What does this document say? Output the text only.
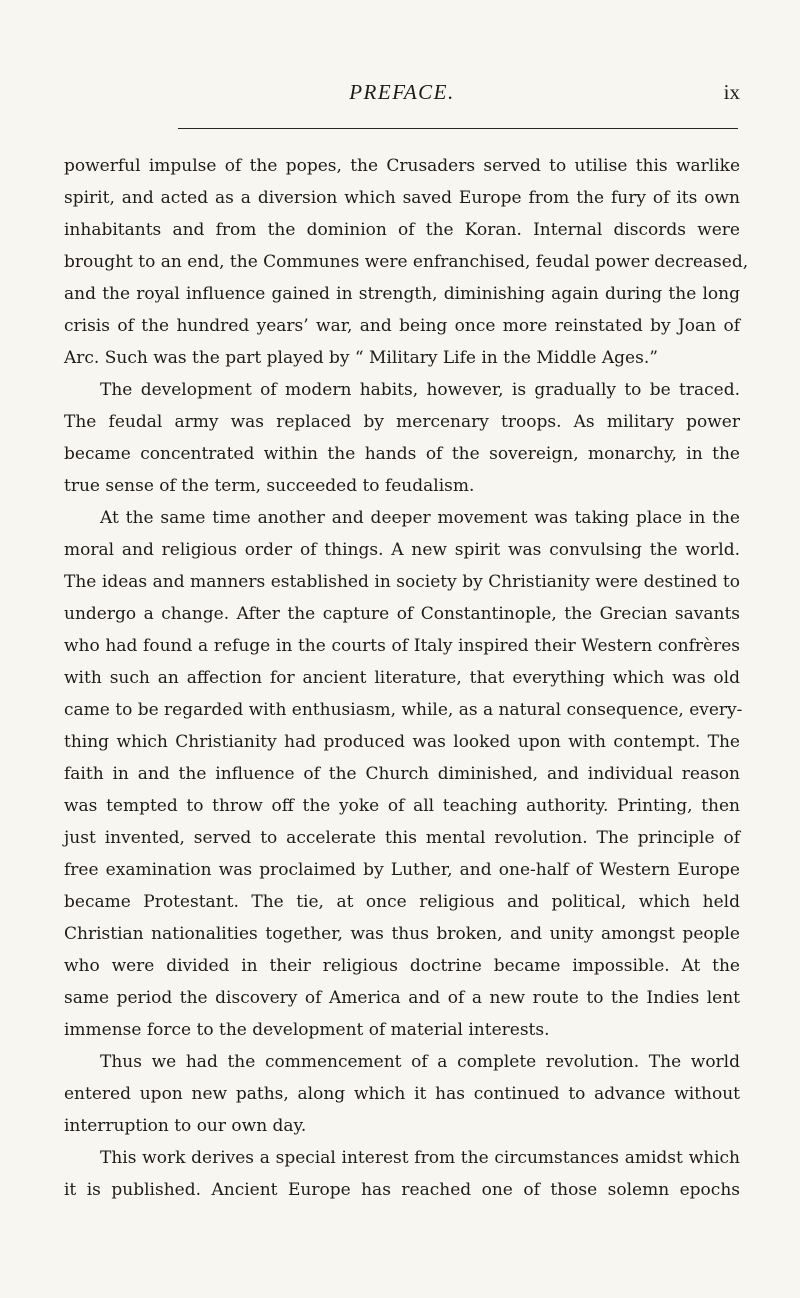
PREFACE.	ix
powerful impulse of the popes, the Crusaders served to utilise this warlike
spirit, and acted as a diversion which saved Europe from the fury of its own
inhabitants and from the dominion of the Koran. Internal discords were
brought to an end, the Communes were enfranchised, feudal power decreased,
and the royal influence gained in strength, diminishing again during the long
crisis of the hundred years’ war, and being once more reinstated by Joan of
Arc. Such was the part played by “ Military Life in the Middle Ages.”
The development of modern habits, however, is gradually to be traced.
The feudal army was replaced by mercenary troops. As military power
became concentrated within the hands of the sovereign, monarchy, in the
true sense of the term, succeeded to feudalism.
At the same time another and deeper movement was taking place in the
moral and religious order of things. A new spirit was convulsing the world.
The ideas and manners established in society by Christianity were destined to
undergo a change. After the capture of Constantinople, the Grecian savants
who had found a refuge in the courts of Italy inspired their Western confrères
with such an affection for ancient literature, that everything which was old
came to be regarded with enthusiasm, while, as a natural consequence, every-
thing which Christianity had produced was looked upon with contempt. The
faith in and the influence of the Church diminished, and individual reason
was tempted to throw off the yoke of all teaching authority. Printing, then
just invented, served to accelerate this mental revolution. The principle of
free examination was proclaimed by Luther, and one-half of Western Europe
became Protestant. The tie, at once religious and political, which held
Christian nationalities together, was thus broken, and unity amongst people
who were divided in their religious doctrine became impossible. At the
same period the discovery of America and of a new route to the Indies lent
immense force to the development of material interests.
Thus we had the commencement of a complete revolution. The world
entered upon new paths, along which it has continued to advance without
interruption to our own day.
This work derives a special interest from the circumstances amidst which
it is published. Ancient Europe has reached one of those solemn epochs
